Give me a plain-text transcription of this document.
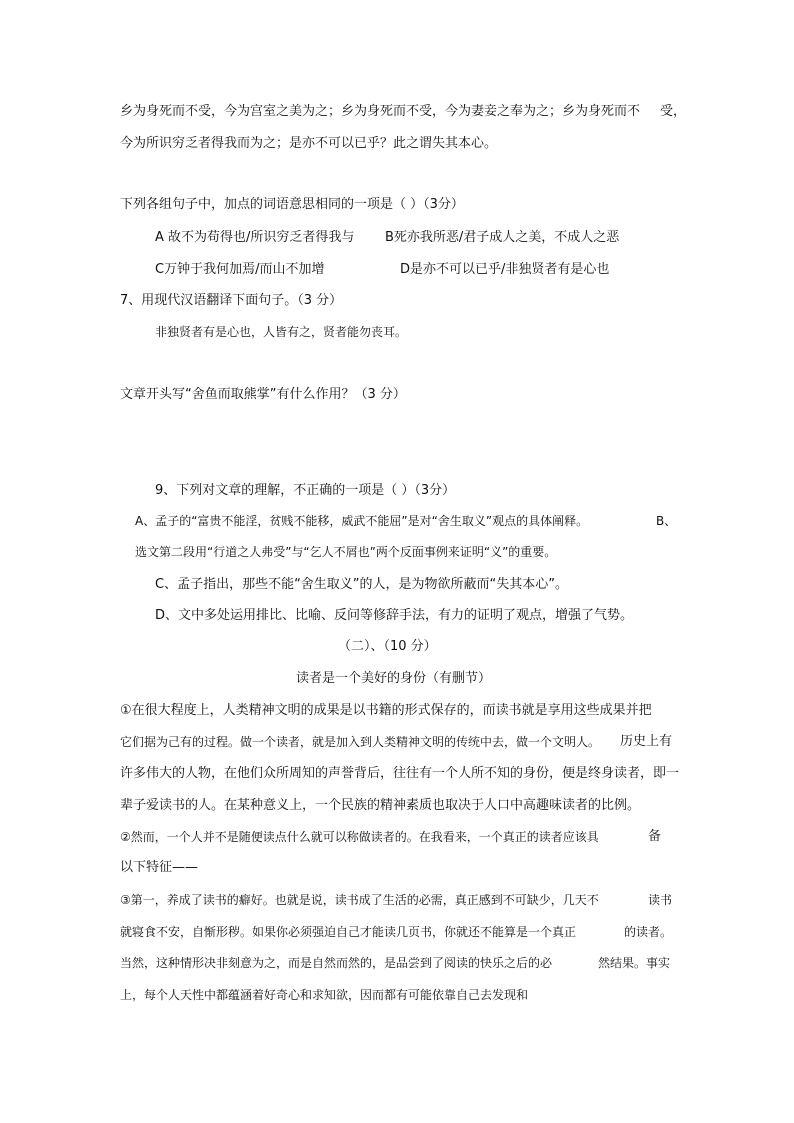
乡为身死而不受，今为宫室之美为之；乡为身死而不受，今为妻妾之奉为之；乡为身死而不 受，
今为所识穷乏者得我而为之；是亦不可以已乎？此之谓失其本心。
下列各组句子中，加点的词语意思相同的一项是（ ）（3分）
A 故不为苟得也/所识穷乏者得我与 B死亦我所恶/君子成人之美，不成人之恶
C万钟于我何加焉/而山不加增	D是亦不可以已乎/非独贤者有是心也
7、用现代汉语翻译下面句子。（3 分）
非独贤者有是心也，人皆有之，贤者能勿丧耳。
文章开头写“舍鱼而取熊掌”有什么作用？（3 分）
9、下列对文章的理解，不正确的一项是（ ）（3分）
A、孟子的“富贵不能淫，贫贱不能移，威武不能屈”是对“舍生取义”观点的具体阐释。	B、
选文第二段用“行道之人弗受”与“乞人不屑也”两个反面事例来证明“义”的重要。
C、孟子指出，那些不能“舍生取义”的人，是为物欲所蔽而“失其本心”。
D、文中多处运用排比、比喻、反问等修辞手法，有力的证明了观点，增强了气势。
（二）、（10 分）
读者是一个美好的身份（有删节）
①在很大程度上，人类精神文明的成果是以书籍的形式保存的，而读书就是享用这些成果并把
它们据为己有的过程。做一个读者，就是加入到人类精神文明的传统中去，做一个文明人。 历史上有
许多伟大的人物，在他们众所周知的声誉背后，往往有一个人所不知的身份，便是终身读者，即一
辈子爱读书的人。在某种意义上，一个民族的精神素质也取决于人口中高趣味读者的比例。
②然而，一个人并不是随便读点什么就可以称做读者的。在我看来，一个真正的读者应该具	备
以下特征——
③第一，养成了读书的癖好。也就是说，读书成了生活的必需，真正感到不可缺少，几天不	读书
就寝食不安，自惭形秽。如果你必须强迫自己才能读几页书，你就还不能算是一个真正	的读者。
当然，这种情形决非刻意为之，而是自然而然的，是品尝到了阅读的快乐之后的必	然结果。事实
上，每个人天性中都蕴涵着好奇心和求知欲，因而都有可能依靠自己去发现和
